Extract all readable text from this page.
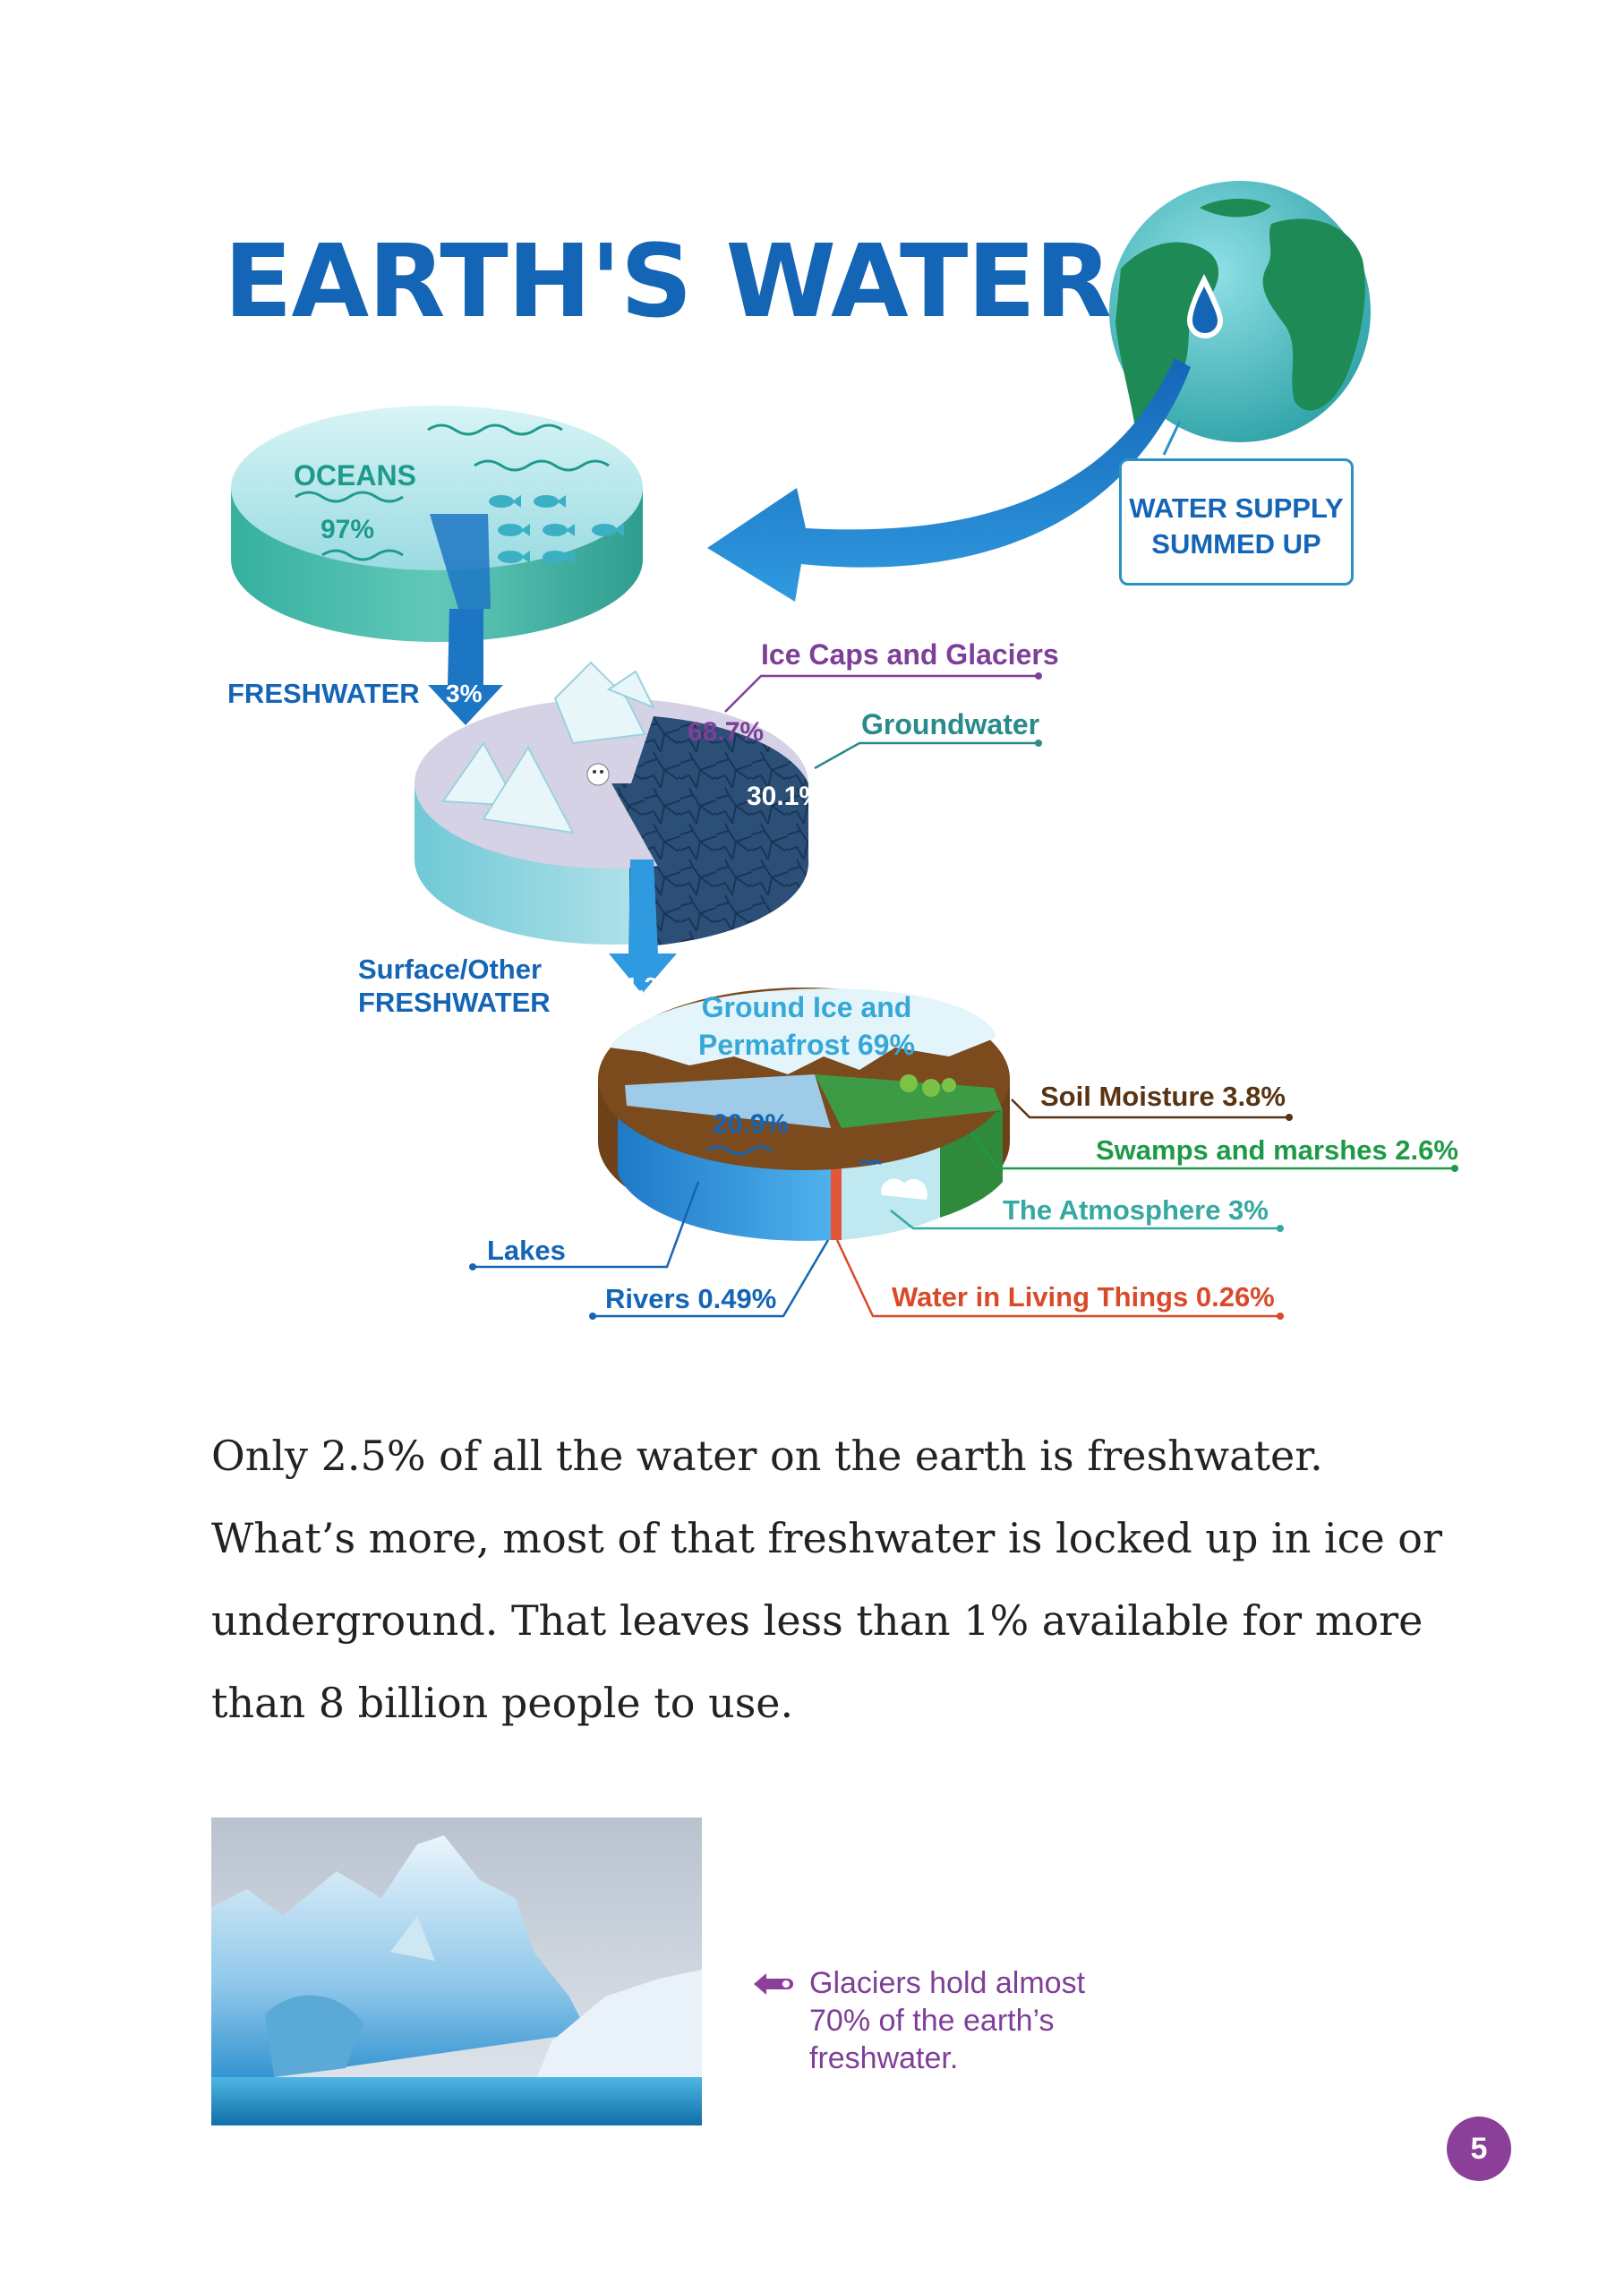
EARTH'S WATER
WATER SUPPLY
SUMMED UP
OCEANS
97%
FRESHWATER 3%
Ice Caps and Glaciers
68.7%	Groundwater
30.1%
Surface/Other
FRESHWATER
1.2%
Ground Ice and
Permafrost 69%
20.9%
Lakes
Soil Moisture 3.8%
Swamps and marshes 2.6%
The Atmosphere 3%
Water in Living Things 0.26%
Rivers 0.49%
Only 2.5% of all the water on the earth is freshwater. What’s more, most of that freshwater is locked up in ice or underground. That leaves less than 1% available for more than 8 billion people to use.
Glaciers hold almost 70% of the earth’s freshwater.
5
